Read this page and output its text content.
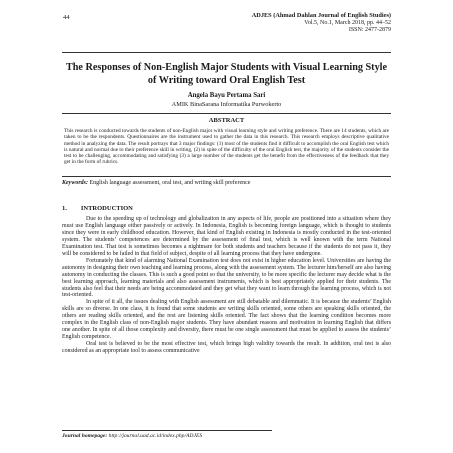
44	ADJES (Ahmad Dahlan Journal of English Studies)
Vol.5, No.1, March 2018, pp. 44–52
ISSN: 2477-2879
The Responses of Non-English Major Students with Visual Learning Style of Writing toward Oral English Test
Angela Bayu Pertama Sari
AMIK BinaSarana Informatika Purwokerto
ABSTRACT
This research is conducted towards the students of non-English major with visual learning style and writing preference. There are 14 students, which are taken to be the respondents. Questionnaires are the instrument used to gather the data in this research. This research employs descriptive qualitative method in analyzing the data. The result portrays that 3 major findings: (1) most of the students find it difficult to accomplish the oral English test which is natural and normal due to their preference skill in writing, (2) in spite of the difficulty of the oral English test, the majority of the students consider the test to be challenging, accommodating and satisfying (3) a large number of the students get the benefit from the effectiveness of the feedback that they get in the form of rubrics.
Keywords: English language assessment, oral test, and writing skill preference
1. INTRODUCTION

Due to the speeding up of technology and globalization in any aspects of life, people are positioned into a situation where they must use English language either passively or actively. In Indonesia, English is becoming foreign language, which is thought to students since they were in early childhood education. However, that kind of English existing in Indonesia is mostly conducted in the test-oriented system. The students’ competences are determined by the assessment of final test, which is well known with the term National Examination test. That test is sometimes becomes a nightmare for both students and teachers because if the students do not pass it, they will be considered to be failed in that field of subject, despite of all learning process that they have undergone.

Fortunately that kind of alarming National Examination test does not exist in higher education level. Universities are having the autonomy in designing their own teaching and learning process, along with the assessment system. The lecturer him/herself are also having autonomy in conducting the classes. This is such a good point so that the university, to be more specific the lecturer may decide what is the best learning approach, learning materials and also assessment instruments, which is best appropriately applied for their students. The students also feel that their needs are being accommodated and they get what they want to learn through the learning process, which is not test-oriented.

In spite of it all, the issues dealing with English assessment are still debatable and dilemmatic. It is because the students’ English skills are so diverse. In one class, it is found that some students are writing skills oriented, some others are speaking skills oriented, the others are reading skills oriented, and the rest are listening skills oriented. The fact shows that the learning condition becomes more complex in the English class of non-English major students. They have abundant reasons and motivation in learning English that differs one another. In spite of all those complexity and diversity, there must be one single assessment that must be applied to assess the students’ English competence.

Oral test is believed to be the most effective test, which brings high validity towards the result. In addition, oral test is also considered as an appropriate tool to assess communicative

Journal homepage: http://journal.uad.ac.id/index.php/ADJES
